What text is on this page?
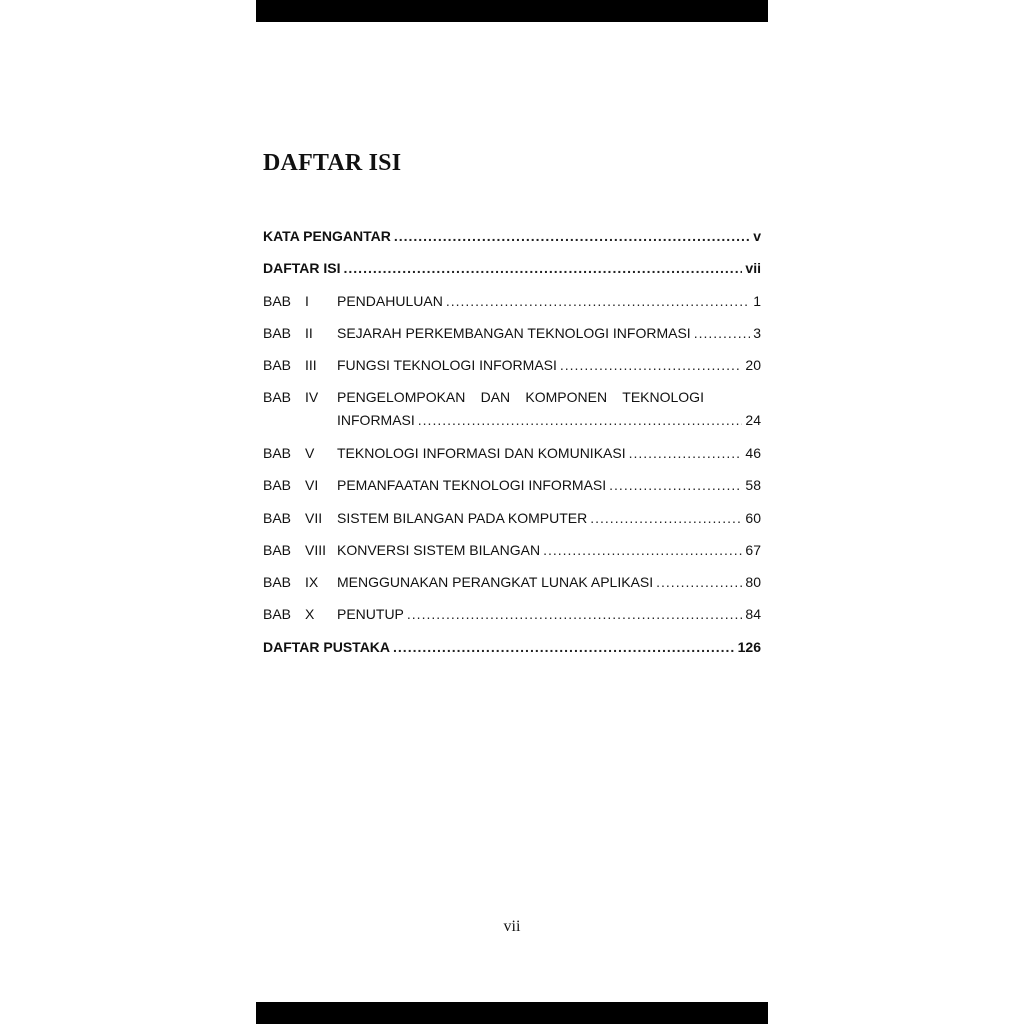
DAFTAR ISI
KATA PENGANTAR .....	v
DAFTAR ISI .....	vii
BAB I	PENDAHULUAN .....	1
BAB II	SEJARAH PERKEMBANGAN TEKNOLOGI INFORMASI .....	3
BAB III	FUNGSI TEKNOLOGI INFORMASI .....	20
BAB IV	PENGELOMPOKAN DAN KOMPONEN TEKNOLOGI
INFORMASI .....	24
BAB V	TEKNOLOGI INFORMASI DAN KOMUNIKASI .....	46
BAB VI	PEMANFAATAN TEKNOLOGI INFORMASI .....	58
BAB VII	SISTEM BILANGAN PADA KOMPUTER .....	60
BAB VIII KONVERSI SISTEM BILANGAN .....	67
BAB IX	MENGGUNAKAN PERANGKAT LUNAK APLIKASI .....	80
BAB X	PENUTUP .....	84
DAFTAR PUSTAKA .....	126
vii
